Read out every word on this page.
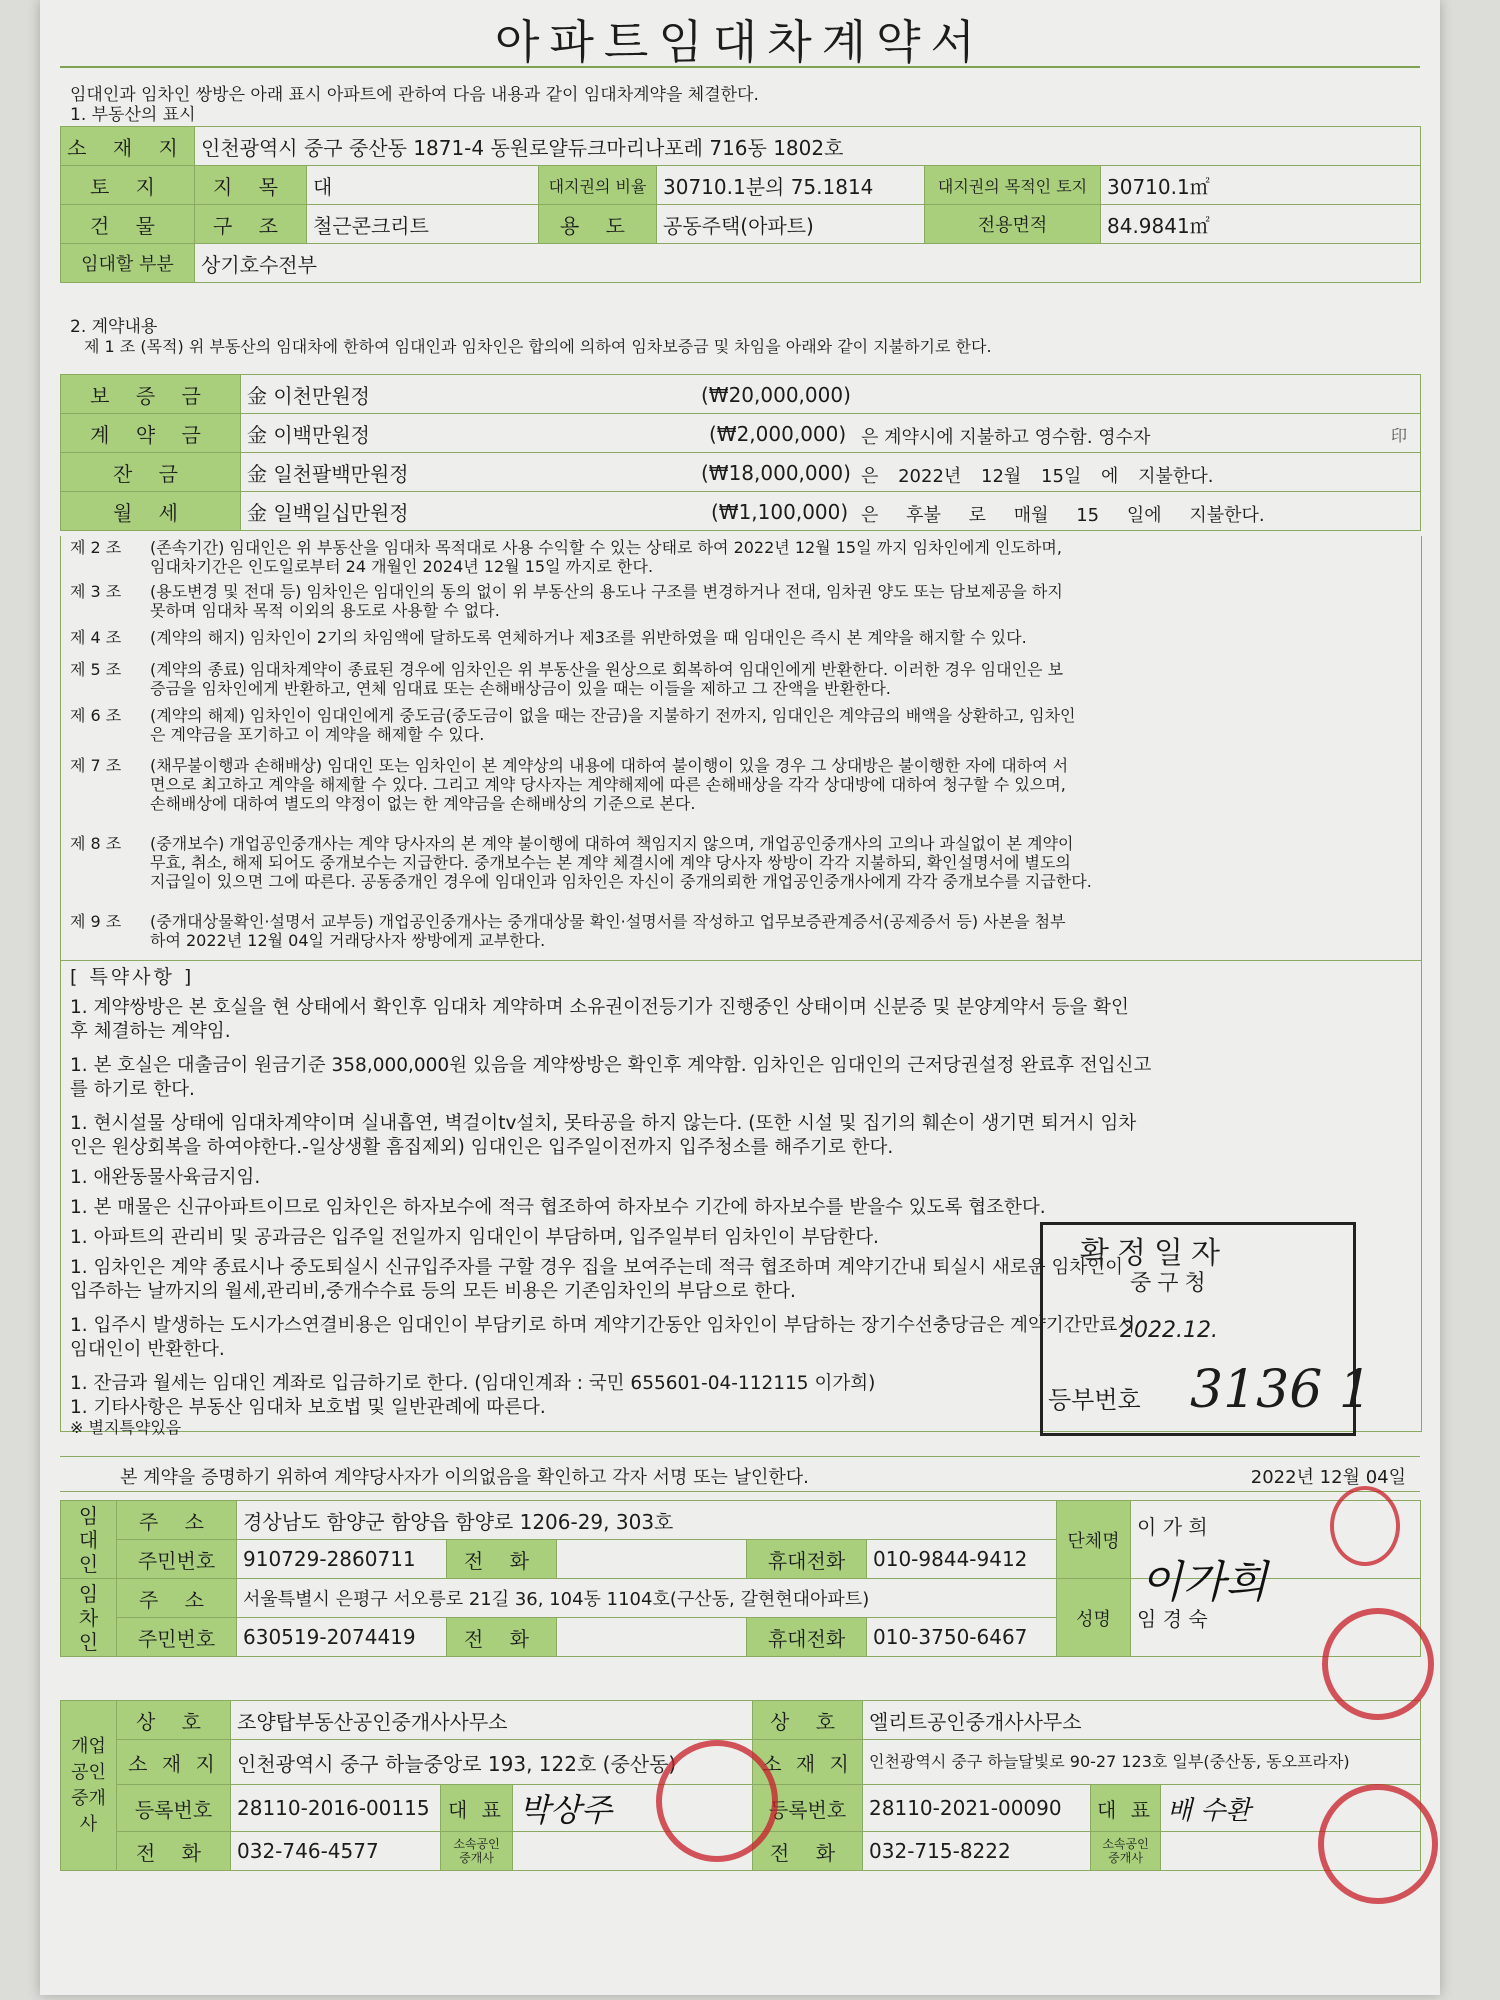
아파트임대차계약서
임대인과 임차인 쌍방은 아래 표시 아파트에 관하여 다음 내용과 같이 임대차계약을 체결한다.
1. 부동산의 표시
소 재 지	인천광역시 중구 중산동 1871-4 동원로얄듀크마리나포레 716동 1802호					
토 지	지 목	대	대지권의 비율	30710.1분의 75.1814	대지권의 목적인 토지	30710.1㎡
건 물	구 조	철근콘크리트	용 도	공동주택(아파트)	전용면적	84.9841㎡
임대할 부분	상기호수전부					
2. 계약내용
제 1 조 (목적) 위 부동산의 임대차에 한하여 임대인과 임차인은 합의에 의하여 임차보증금 및 차임을 아래와 같이 지불하기로 한다.
보 증 금	金 이천만원정 (₩20,000,000)

계 약 금	金 이백만원정 (₩2,000,000) 은 계약시에 지불하고 영수함. 영수자 印

잔 금	金 일천팔백만원정 (₩18,000,000) 은 2022년 12월 15일 에 지불한다.

월 세	金 일백일십만원정 (₩1,100,000) 은 후불 로 매월 15 일에 지불한다.
제 2 조 (존속기간) 임대인은 위 부동산을 임대차 목적대로 사용 수익할 수 있는 상태로 하여 2022년 12월 15일 까지 임차인에게 인도하며,
임대차기간은 인도일로부터 24 개월인 2024년 12월 15일 까지로 한다.
제 3 조 (용도변경 및 전대 등) 임차인은 임대인의 동의 없이 위 부동산의 용도나 구조를 변경하거나 전대, 임차권 양도 또는 담보제공을 하지
못하며 임대차 목적 이외의 용도로 사용할 수 없다.
제 4 조 (계약의 해지) 임차인이 2기의 차임액에 달하도록 연체하거나 제3조를 위반하였을 때 임대인은 즉시 본 계약을 해지할 수 있다.
제 5 조 (계약의 종료) 임대차계약이 종료된 경우에 임차인은 위 부동산을 원상으로 회복하여 임대인에게 반환한다. 이러한 경우 임대인은 보
증금을 임차인에게 반환하고, 연체 임대료 또는 손해배상금이 있을 때는 이들을 제하고 그 잔액을 반환한다.
제 6 조 (계약의 해제) 임차인이 임대인에게 중도금(중도금이 없을 때는 잔금)을 지불하기 전까지, 임대인은 계약금의 배액을 상환하고, 임차인
은 계약금을 포기하고 이 계약을 해제할 수 있다.
제 7 조 (채무불이행과 손해배상) 임대인 또는 임차인이 본 계약상의 내용에 대하여 불이행이 있을 경우 그 상대방은 불이행한 자에 대하여 서
면으로 최고하고 계약을 해제할 수 있다. 그리고 계약 당사자는 계약해제에 따른 손해배상을 각각 상대방에 대하여 청구할 수 있으며,
손해배상에 대하여 별도의 약정이 없는 한 계약금을 손해배상의 기준으로 본다.
제 8 조 (중개보수) 개업공인중개사는 계약 당사자의 본 계약 불이행에 대하여 책임지지 않으며, 개업공인중개사의 고의나 과실없이 본 계약이
무효, 취소, 해제 되어도 중개보수는 지급한다. 중개보수는 본 계약 체결시에 계약 당사자 쌍방이 각각 지불하되, 확인설명서에 별도의
지급일이 있으면 그에 따른다. 공동중개인 경우에 임대인과 임차인은 자신이 중개의뢰한 개업공인중개사에게 각각 중개보수를 지급한다.
제 9 조 (중개대상물확인·설명서 교부등) 개업공인중개사는 중개대상물 확인·설명서를 작성하고 업무보증관계증서(공제증서 등) 사본을 첨부
하여 2022년 12월 04일 거래당사자 쌍방에게 교부한다.
[ 특약사항 ]
1. 계약쌍방은 본 호실을 현 상태에서 확인후 임대차 계약하며 소유권이전등기가 진행중인 상태이며 신분증 및 분양계약서 등을 확인
후 체결하는 계약임.
1. 본 호실은 대출금이 원금기준 358,000,000원 있음을 계약쌍방은 확인후 계약함. 임차인은 임대인의 근저당권설정 완료후 전입신고
를 하기로 한다.
1. 현시설물 상태에 임대차계약이며 실내흡연, 벽걸이tv설치, 못타공을 하지 않는다. (또한 시설 및 집기의 훼손이 생기면 퇴거시 임차
인은 원상회복을 하여야한다.-일상생활 흠집제외) 임대인은 입주일이전까지 입주청소를 해주기로 한다.
1. 애완동물사육금지임.
1. 본 매물은 신규아파트이므로 임차인은 하자보수에 적극 협조하여 하자보수 기간에 하자보수를 받을수 있도록 협조한다.
1. 아파트의 관리비 및 공과금은 입주일 전일까지 임대인이 부담하며, 입주일부터 임차인이 부담한다.
1. 임차인은 계약 종료시나 중도퇴실시 신규입주자를 구할 경우 집을 보여주는데 적극 협조하며 계약기간내 퇴실시 새로운 임차인이
입주하는 날까지의 월세,관리비,중개수수료 등의 모든 비용은 기존임차인의 부담으로 한다.
1. 입주시 발생하는 도시가스연결비용은 임대인이 부담키로 하며 계약기간동안 임차인이 부담하는 장기수선충당금은 계약기간만료시
임대인이 반환한다.
1. 잔금과 월세는 임대인 계좌로 입금하기로 한다. (임대인계좌 : 국민 655601-04-112115 이가희)
1. 기타사항은 부동산 임대차 보호법 및 일반관례에 따른다.
※ 별지특약있음
확정일자
중구청
2022.12.
등부번호 3136 1
본 계약을 증명하기 위하여 계약당사자가 이의없음을 확인하고 각자 서명 또는 날인한다.	2022년 12월 04일
임대인	주 소	경상남도 함양군 함양읍 함양로 1206-29, 303호					단체명	이 가 희
	주민번호	910729-2860711	전 화		휴대전화	010-9844-9412		
임차인	주 소	서울특별시 은평구 서오릉로 21길 36, 104동 1104호(구산동, 갈현현대아파트)					성명	임 경 숙
	주민번호	630519-2074419	전 화		휴대전화	010-3750-6467		
개업공인중개사	상 호	조양탑부동산공인중개사사무소			상 호	엘리트공인중개사사무소		
	소 재 지	인천광역시 중구 하늘중앙로 193, 122호 (중산동)			소 재 지	인천광역시 중구 하늘달빛로 90-27 123호 일부(중산동, 동오프라자)		
	등록번호	28110-2016-00115	대 표	박상주	등록번호	28110-2021-00090	대 표	배 수환
	전 화	032-746-4577	소속공인 중개사		전 화	032-715-8222	소속공인 중개사	
이가희
